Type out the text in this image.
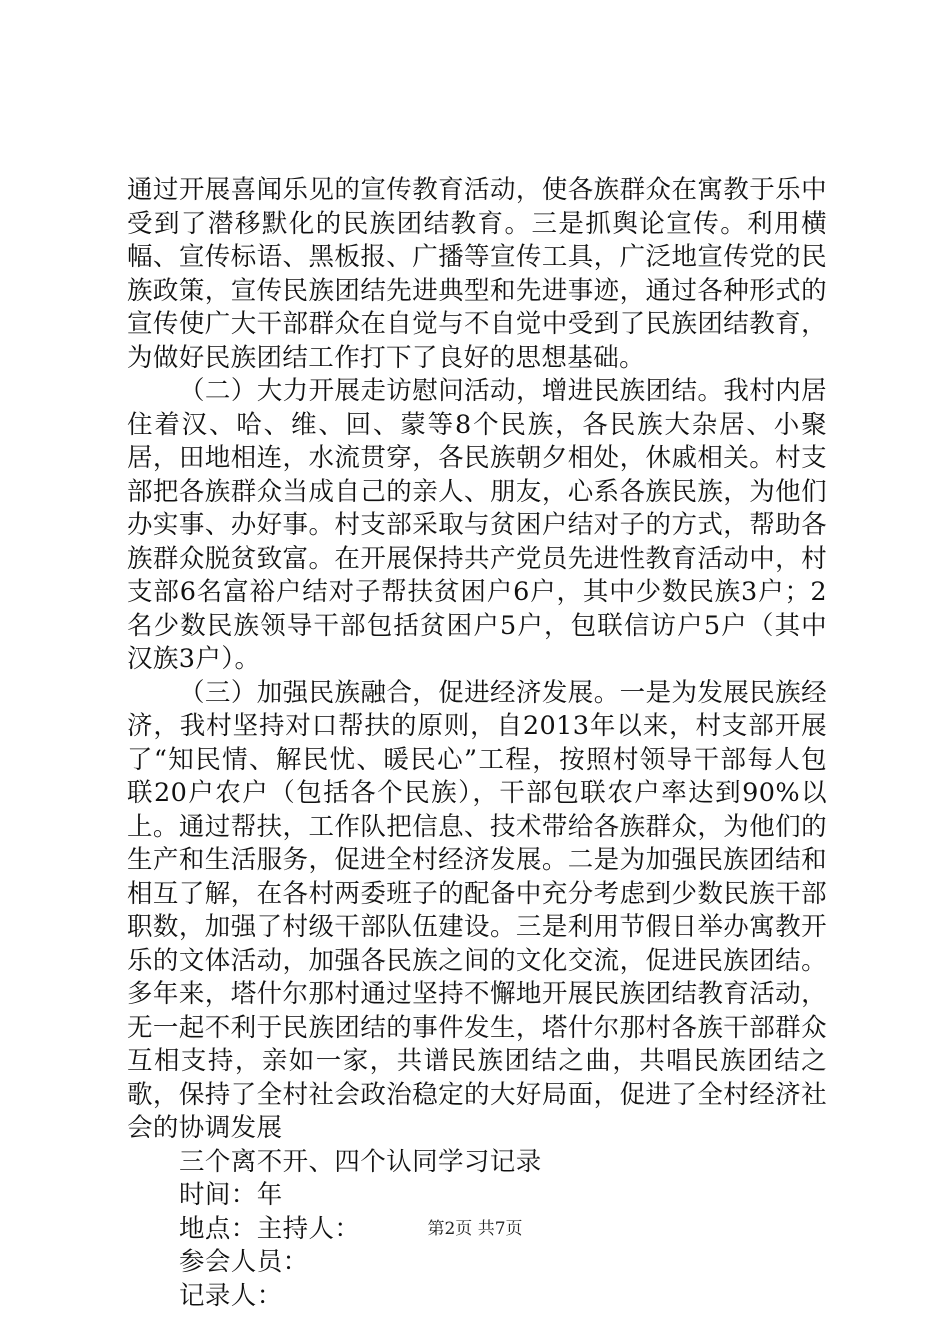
通过开展喜闻乐见的宣传教育活动，使各族群众在寓教于乐中受到了潜移默化的民族团结教育。三是抓舆论宣传。利用横幅、宣传标语、黑板报、广播等宣传工具，广泛地宣传党的民族政策，宣传民族团结先进典型和先进事迹，通过各种形式的宣传使广大干部群众在自觉与不自觉中受到了民族团结教育，为做好民族团结工作打下了良好的思想基础。

（二）大力开展走访慰问活动，增进民族团结。我村内居住着汉、哈、维、回、蒙等8个民族，各民族大杂居、小聚居，田地相连，水流贯穿，各民族朝夕相处，休戚相关。村支部把各族群众当成自己的亲人、朋友，心系各族民族，为他们办实事、办好事。村支部采取与贫困户结对子的方式，帮助各族群众脱贫致富。在开展保持共产党员先进性教育活动中，村支部6名富裕户结对子帮扶贫困户6户，其中少数民族3户；2名少数民族领导干部包括贫困户5户，包联信访户5户（其中汉族3户）。

（三）加强民族融合，促进经济发展。一是为发展民族经济，我村坚持对口帮扶的原则，自2013年以来，村支部开展了“知民情、解民忧、暖民心”工程，按照村领导干部每人包联20户农户（包括各个民族），干部包联农户率达到90%以上。通过帮扶，工作队把信息、技术带给各族群众，为他们的生产和生活服务，促进全村经济发展。二是为加强民族团结和相互了解，在各村两委班子的配备中充分考虑到少数民族干部职数，加强了村级干部队伍建设。三是利用节假日举办寓教开乐的文体活动，加强各民族之间的文化交流，促进民族团结。多年来，塔什尔那村通过坚持不懈地开展民族团结教育活动，无一起不利于民族团结的事件发生，塔什尔那村各族干部群众互相支持，亲如一家，共谱民族团结之曲，共唱民族团结之歌，保持了全村社会政治稳定的大好局面，促进了全村经济社会的协调发展

三个离不开、四个认同学习记录

时间：年

地点：主持人：

参会人员：

记录人：

第2页 共7页
